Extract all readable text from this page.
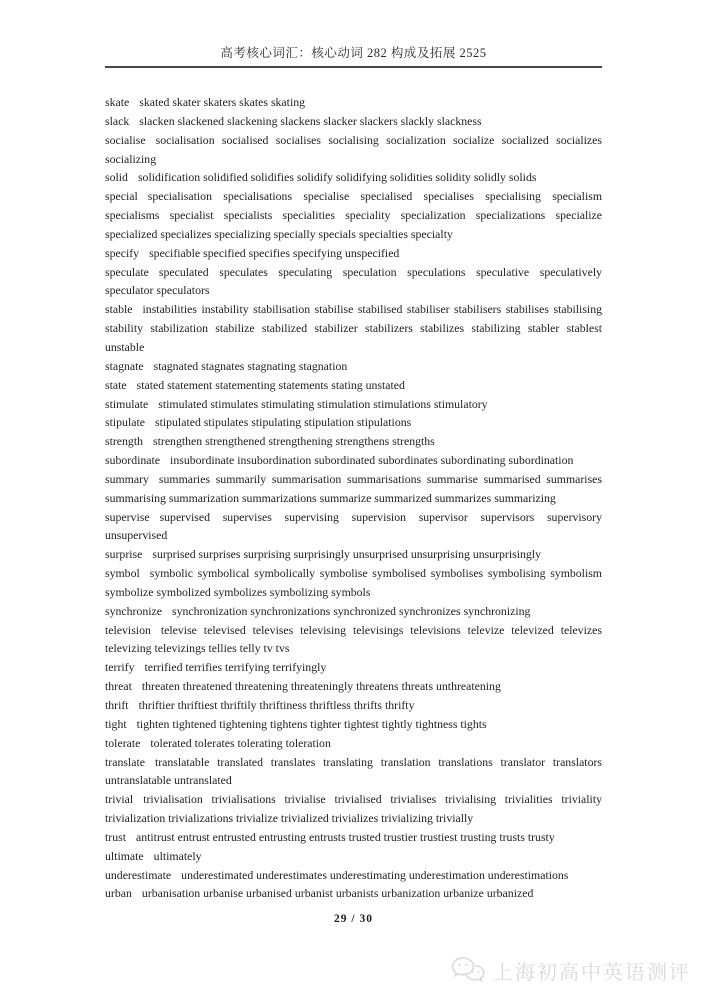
高考核心词汇：核心动词 282 构成及拓展 2525

skate skated skater skaters skates skating

slack slacken slackened slackening slackens slacker slackers slackly slackness

socialise socialisation socialised socialises socialising socialization socialize socialized socializes socializing

solid solidification solidified solidifies solidify solidifying solidities solidity solidly solids

special specialisation specialisations specialise specialised specialises specialising specialism specialisms specialist specialists specialities speciality specialization specializations specialize specialized specializes specializing specially specials specialties specialty

specify specifiable specified specifies specifying unspecified

speculate speculated speculates speculating speculation speculations speculative speculatively speculator speculators

stable instabilities instability stabilisation stabilise stabilised stabiliser stabilisers stabilises stabilising stability stabilization stabilize stabilized stabilizer stabilizers stabilizes stabilizing stabler stablest unstable

stagnate stagnated stagnates stagnating stagnation

state stated statement statementing statements stating unstated

stimulate stimulated stimulates stimulating stimulation stimulations stimulatory

stipulate stipulated stipulates stipulating stipulation stipulations

strength strengthen strengthened strengthening strengthens strengths

subordinate insubordinate insubordination subordinated subordinates subordinating subordination

summary summaries summarily summarisation summarisations summarise summarised summarises summarising summarization summarizations summarize summarized summarizes summarizing

supervise supervised supervises supervising supervision supervisor supervisors supervisory unsupervised

surprise surprised surprises surprising surprisingly unsurprised unsurprising unsurprisingly

symbol symbolic symbolical symbolically symbolise symbolised symbolises symbolising symbolism symbolize symbolized symbolizes symbolizing symbols

synchronize synchronization synchronizations synchronized synchronizes synchronizing

television televise televised televises televising televisings televisions televize televized televizes televizing televizings tellies telly tv tvs

terrify terrified terrifies terrifying terrifyingly

threat threaten threatened threatening threateningly threatens threats unthreatening

thrift thriftier thriftiest thriftily thriftiness thriftless thrifts thrifty

tight tighten tightened tightening tightens tighter tightest tightly tightness tights

tolerate tolerated tolerates tolerating toleration

translate translatable translated translates translating translation translations translator translators untranslatable untranslated

trivial trivialisation trivialisations trivialise trivialised trivialises trivialising trivialities triviality trivialization trivializations trivialize trivialized trivializes trivializing trivially

trust antitrust entrust entrusted entrusting entrusts trusted trustier trustiest trusting trusts trusty

ultimate ultimately

underestimate underestimated underestimates underestimating underestimation underestimations

urban urbanisation urbanise urbanised urbanist urbanists urbanization urbanize urbanized

29 / 30
上海初高中英语测评
